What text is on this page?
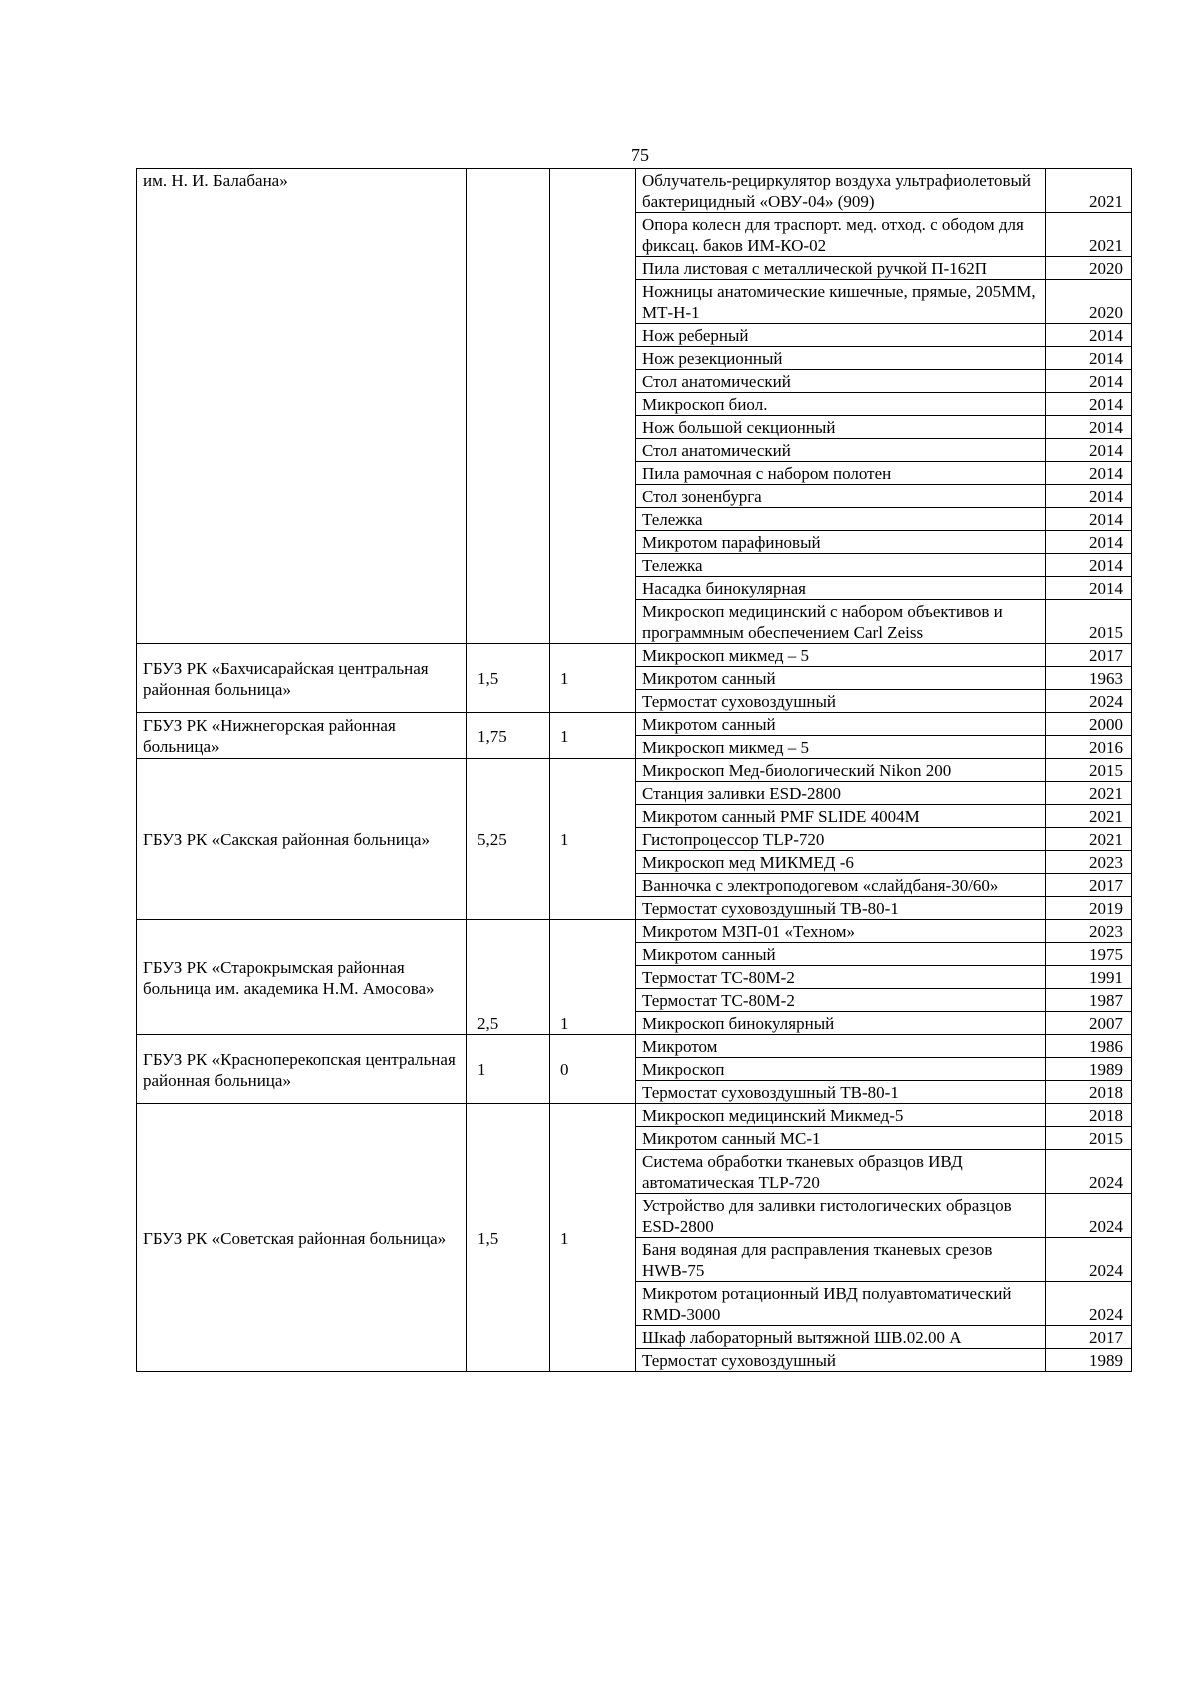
75
им. Н. И. Балабана»			Облучатель-рециркулятор воздуха ультрафиолетовый бактерицидный «ОВУ-04» (909)	2021
			Опора колесн для траспорт. мед. отход. с ободом для фиксац. баков ИМ-КО-02	2021
			Пила листовая с металлической ручкой П-162П	2020
			Ножницы анатомические кишечные, прямые, 205ММ, МТ-Н-1	2020
			Нож реберный	2014
			Нож резекционный	2014
			Стол анатомический	2014
			Микроскоп биол.	2014
			Нож большой секционный	2014
			Стол анатомический	2014
			Пила рамочная с набором полотен	2014
			Стол зоненбурга	2014
			Тележка	2014
			Микротом парафиновый	2014
			Тележка	2014
			Насадка бинокулярная	2014
			Микроскоп медицинский с набором объективов и программным обеспечением Carl Zeiss	2015
ГБУЗ РК «Бахчисарайская центральная районная больница»	1,5	1	Микроскоп микмед – 5	2017
			Микротом санный	1963
			Термостат суховоздушный	2024
ГБУЗ РК «Нижнегорская районная больница»	1,75	1	Микротом санный	2000
			Микроскоп микмед – 5	2016
ГБУЗ РК «Сакская районная больница»	5,25	1	Микроскоп Мед-биологический Nikon 200	2015
			Станция заливки ESD-2800	2021
			Микротом санный PMF SLIDE 4004M	2021
			Гистопроцессор TLP-720	2021
			Микроскоп мед МИКМЕД -6	2023
			Ванночка с электроподогевом «слайдбаня-30/60»	2017
			Термостат суховоздушный ТВ-80-1	2019
ГБУЗ РК «Старокрымская районная больница им. академика Н.М. Амосова»	2,5	1	Микротом МЗП-01 «Техном»	2023
			Микротом санный	1975
			Термостат ТС-80М-2	1991
			Термостат ТС-80М-2	1987
			Микроскоп бинокулярный	2007
ГБУЗ РК «Красноперекопская центральная районная больница»	1	0	Микротом	1986
			Микроскоп	1989
			Термостат суховоздушный ТВ-80-1	2018
ГБУЗ РК «Советская районная больница»	1,5	1	Микроскоп медицинский Микмед-5	2018
			Микротом санный МС-1	2015
			Система обработки тканевых образцов ИВД автоматическая TLP-720	2024
			Устройство для заливки гистологических образцов ESD-2800	2024
			Баня водяная для расправления тканевых срезов HWB-75	2024
			Микротом ротационный ИВД полуавтоматический RMD-3000	2024
			Шкаф лабораторный вытяжной ШВ.02.00 А	2017
			Термостат суховоздушный	1989
